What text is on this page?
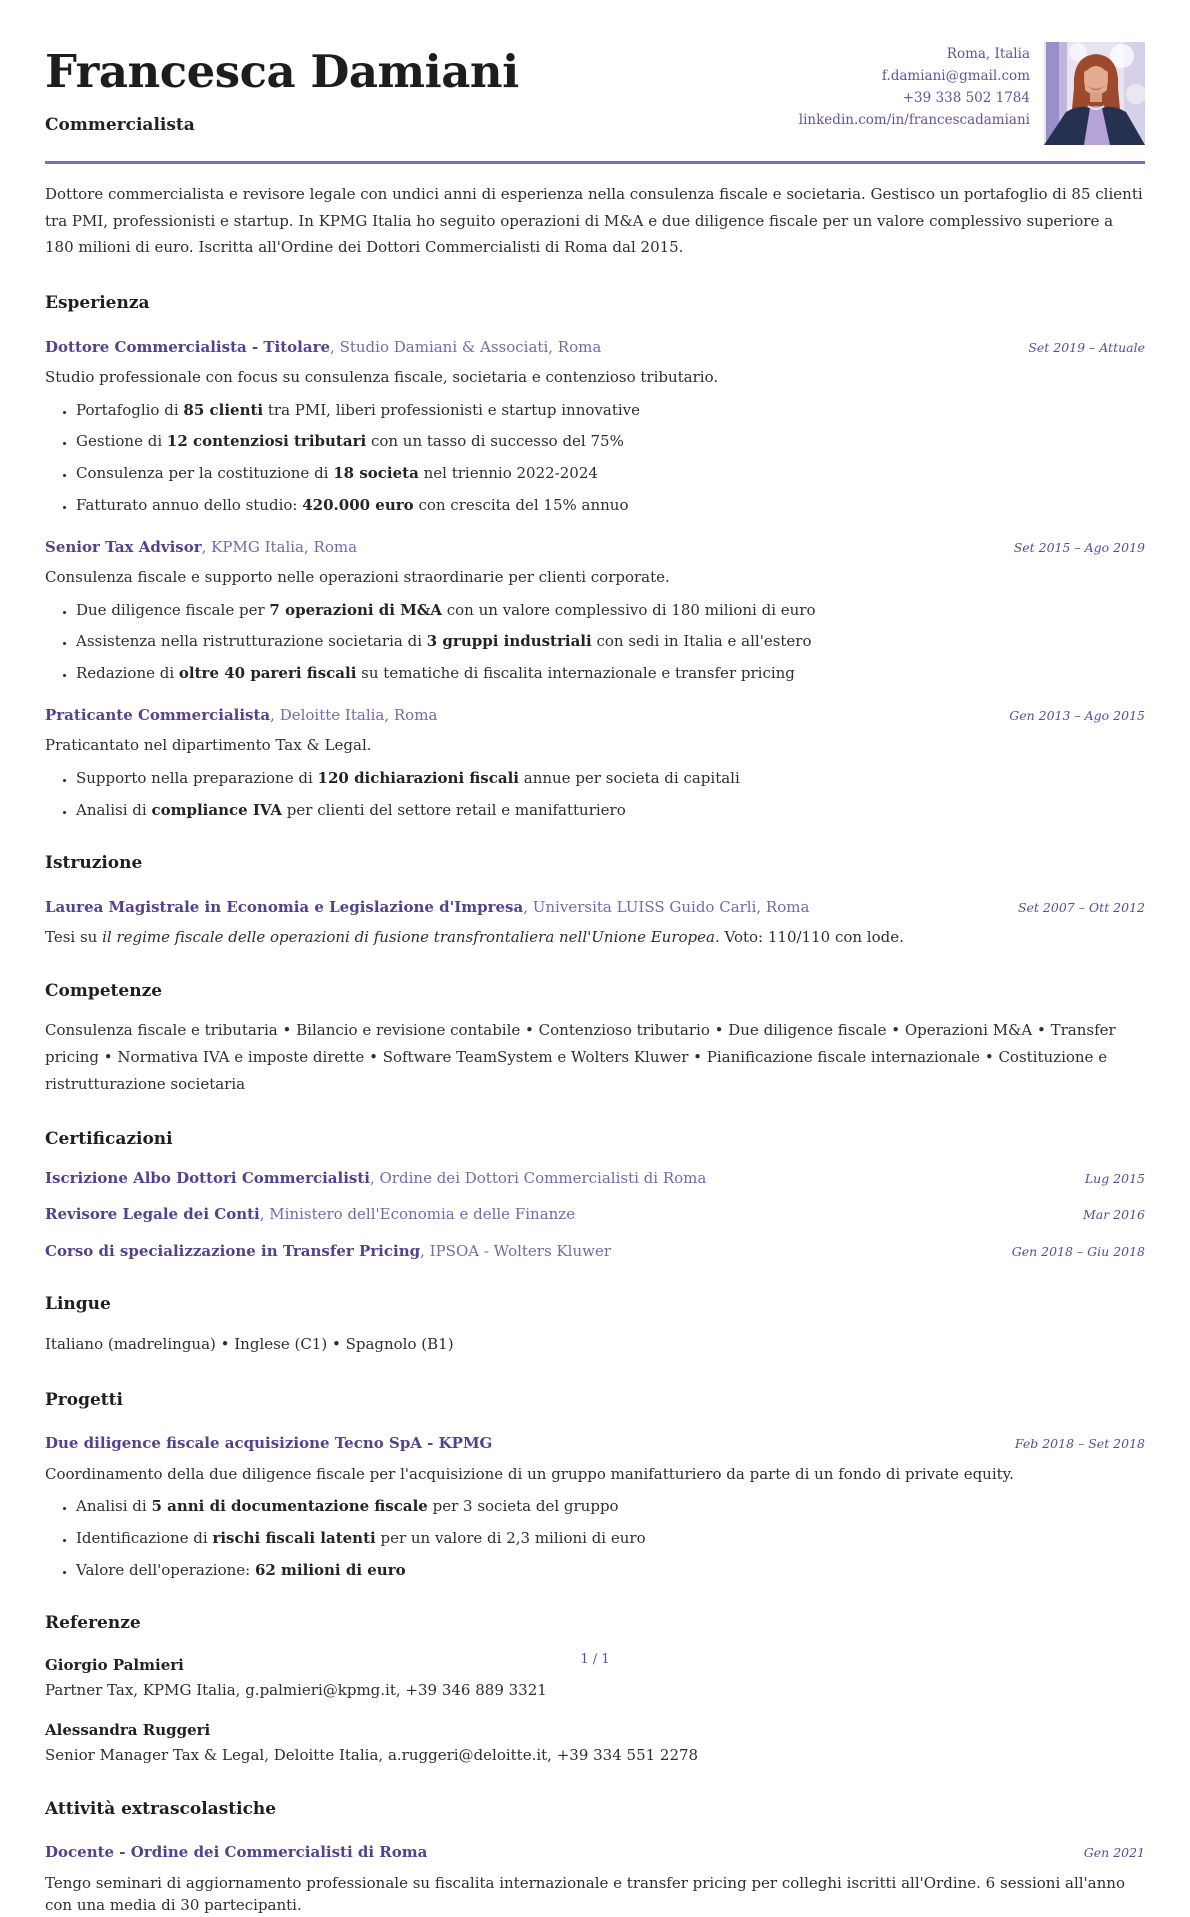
Francesca Damiani
Commercialista
Roma, Italia
f.damiani@gmail.com
+39 338 502 1784
linkedin.com/in/francescadamiani

Dottore commercialista e revisore legale con undici anni di esperienza nella consulenza fiscale e societaria. Gestisco un portafoglio di 85 clienti tra PMI, professionisti e startup. In KPMG Italia ho seguito operazioni di M&A e due diligence fiscale per un valore complessivo superiore a 180 milioni di euro. Iscritta all'Ordine dei Dottori Commercialisti di Roma dal 2015.

Esperienza
Dottore Commercialista - Titolare, Studio Damiani & Associati, Roma	Set 2019 – Attuale

Studio professionale con focus su consulenza fiscale, societaria e contenzioso tributario.

• Portafoglio di 85 clienti tra PMI, liberi professionisti e startup innovative
• Gestione di 12 contenziosi tributari con un tasso di successo del 75%
• Consulenza per la costituzione di 18 societa nel triennio 2022-2024
• Fatturato annuo dello studio: 420.000 euro con crescita del 15% annuo
Senior Tax Advisor, KPMG Italia, Roma	Set 2015 – Ago 2019

Consulenza fiscale e supporto nelle operazioni straordinarie per clienti corporate.

• Due diligence fiscale per 7 operazioni di M&A con un valore complessivo di 180 milioni di euro
• Assistenza nella ristrutturazione societaria di 3 gruppi industriali con sedi in Italia e all'estero
• Redazione di oltre 40 pareri fiscali su tematiche di fiscalita internazionale e transfer pricing
Praticante Commercialista, Deloitte Italia, Roma	Gen 2013 – Ago 2015

Praticantato nel dipartimento Tax & Legal.

• Supporto nella preparazione di 120 dichiarazioni fiscali annue per societa di capitali
• Analisi di compliance IVA per clienti del settore retail e manifatturiero
Istruzione
Laurea Magistrale in Economia e Legislazione d'Impresa, Universita LUISS Guido Carli, Roma	Set 2007 – Ott 2012

Tesi su il regime fiscale delle operazioni di fusione transfrontaliera nell'Unione Europea. Voto: 110/110 con lode.

Competenze

Consulenza fiscale e tributaria • Bilancio e revisione contabile • Contenzioso tributario • Due diligence fiscale • Operazioni M&A • Transfer pricing • Normativa IVA e imposte dirette • Software TeamSystem e Wolters Kluwer • Pianificazione fiscale internazionale • Costituzione e ristrutturazione societaria

Certificazioni
Iscrizione Albo Dottori Commercialisti, Ordine dei Dottori Commercialisti di Roma	Lug 2015
Revisore Legale dei Conti, Ministero dell'Economia e delle Finanze	Mar 2016
Corso di specializzazione in Transfer Pricing, IPSOA - Wolters Kluwer	Gen 2018 – Giu 2018
Lingue

Italiano (madrelingua) • Inglese (C1) • Spagnolo (B1)

Progetti
Due diligence fiscale acquisizione Tecno SpA - KPMG	Feb 2018 – Set 2018

Coordinamento della due diligence fiscale per l'acquisizione di un gruppo manifatturiero da parte di un fondo di private equity.

• Analisi di 5 anni di documentazione fiscale per 3 societa del gruppo
• Identificazione di rischi fiscali latenti per un valore di 2,3 milioni di euro
• Valore dell'operazione: 62 milioni di euro
Referenze

Giorgio Palmieri

Partner Tax, KPMG Italia, g.palmieri@kpmg.it, +39 346 889 3321

Alessandra Ruggeri

Senior Manager Tax & Legal, Deloitte Italia, a.ruggeri@deloitte.it, +39 334 551 2278

Attività extrascolastiche
Docente - Ordine dei Commercialisti di Roma	Gen 2021

Tengo seminari di aggiornamento professionale su fiscalita internazionale e transfer pricing per colleghi iscritti all'Ordine. 6 sessioni all'anno con una media di 30 partecipanti.

1 / 1
